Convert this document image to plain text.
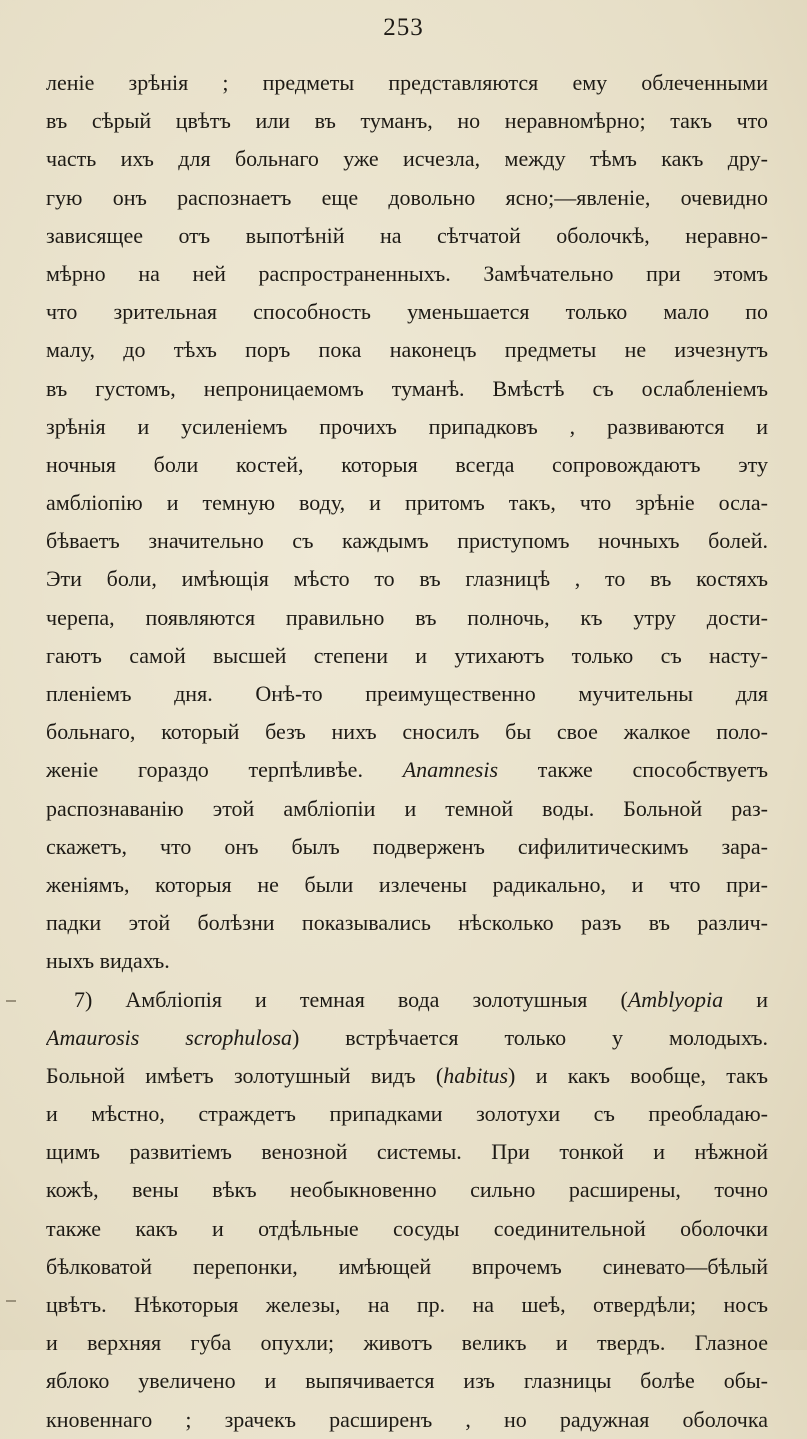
253
леніе зрѣнія ; предметы представляются ему облеченными
въ сѣрый цвѣтъ или въ туманъ, но неравномѣрно; такъ что
часть ихъ для больнаго уже исчезла, между тѣмъ какъ дру-
гую онъ распознаетъ еще довольно ясно;—явленіе, очевидно
зависящее отъ выпотѣній на сѣтчатой оболочкѣ, неравно-
мѣрно на ней распространенныхъ. Замѣчательно при этомъ
что зрительная способность уменьшается только мало по
малу, до тѣхъ поръ пока наконецъ предметы не изчезнутъ
въ густомъ, непроницаемомъ туманѣ. Вмѣстѣ съ ослабленіемъ
зрѣнія и усиленіемъ прочихъ припадковъ , развиваются и
ночныя боли костей, которыя всегда сопровождаютъ эту
амбліопію и темную воду, и притомъ такъ, что зрѣніе осла-
бѣваетъ значительно съ каждымъ приступомъ ночныхъ болей.
Эти боли, имѣющія мѣсто то въ глазницѣ , то въ костяхъ
черепа, появляются правильно въ полночь, къ утру дости-
гаютъ самой высшей степени и утихаютъ только съ насту-
пленіемъ дня. Онѣ-то преимущественно мучительны для
больнаго, который безъ нихъ сносилъ бы свое жалкое поло-
женіе гораздо терпѣливѣе. Anamnesis также способствуетъ
распознаванію этой амбліопіи и темной воды. Больной раз-
скажетъ, что онъ былъ подверженъ сифилитическимъ зара-
женіямъ, которыя не были излечены радикально, и что при-
падки этой болѣзни показывались нѣсколько разъ въ различ-
ныхъ видахъ.
7) Амбліопія и темная вода золотушныя (Amblyopia и
Amaurosis scrophulosa) встрѣчается только у молодыхъ.
Больной имѣетъ золотушный видъ (habitus) и какъ вообще, такъ
и мѣстно, страждетъ припадками золотухи съ преобладаю-
щимъ развитіемъ венозной системы. При тонкой и нѣжной
кожѣ, вены вѣкъ необыкновенно сильно расширены, точно
также какъ и отдѣльные сосуды соединительной оболочки
бѣлковатой перепонки, имѣющей впрочемъ синевато—бѣлый
цвѣтъ. Нѣкоторыя железы, на пр. на шеѣ, отвердѣли; носъ
и верхняя губа опухли; животъ великъ и твердъ. Глазное
яблоко увеличено и выпячивается изъ глазницы болѣе обы-
кновеннаго ; зрачекъ расширенъ , но радужная оболочка
